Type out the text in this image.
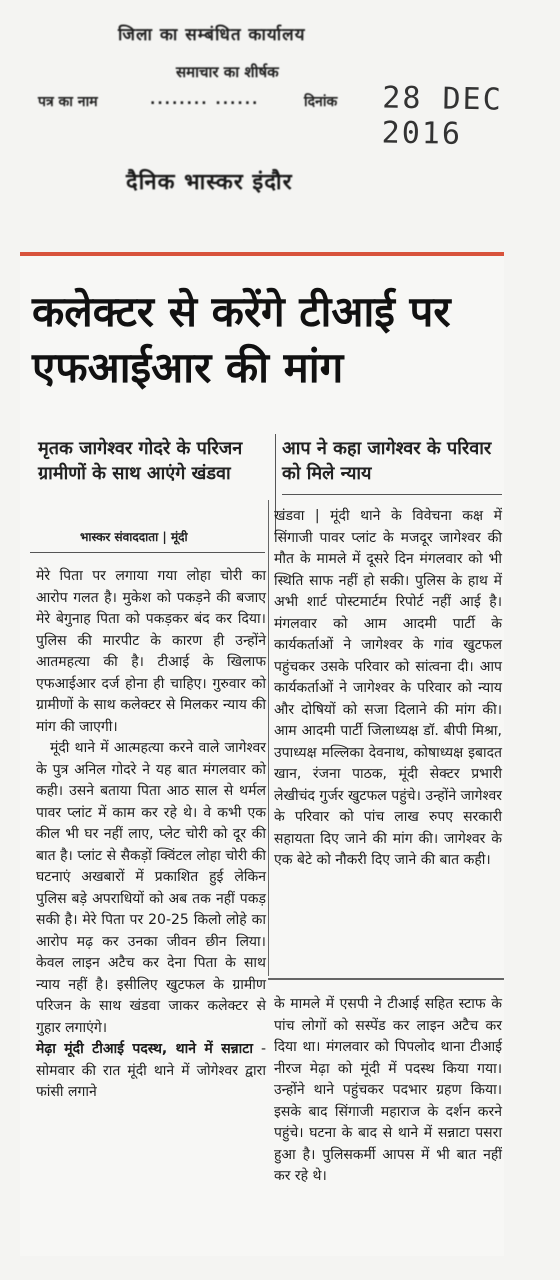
जिला का सम्बंधित कार्यालय
समाचार का शीर्षक
पत्र का नाम	........ ......	दिनांक 28 DEC 2016
दैनिक भास्कर इंदौर
कलेक्टर से करेंगे टीआई पर एफआईआर की मांग
मृतक जागेश्वर गोदरे के परिजन ग्रामीणों के साथ आएंगे खंडवा
आप ने कहा जागेश्वर के परिवार को मिले न्याय
भास्कर संवाददाता | मूंदी

मेरे पिता पर लगाया गया लोहा चोरी का आरोप गलत है। मुकेश को पकड़ने की बजाए मेरे बेगुनाह पिता को पकड़कर बंद कर दिया। पुलिस की मारपीट के कारण ही उन्होंने आतमहत्या की है। टीआई के खिलाफ एफआईआर दर्ज होना ही चाहिए। गुरुवार को ग्रामीणों के साथ कलेक्टर से मिलकर न्याय की मांग की जाएगी।

मूंदी थाने में आत्महत्या करने वाले जागेश्वर के पुत्र अनिल गोदरे ने यह बात मंगलवार को कही। उसने बताया पिता आठ साल से थर्मल पावर प्लांट में काम कर रहे थे। वे कभी एक कील भी घर नहीं लाए, प्लेट चोरी को दूर की बात है। प्लांट से सैकड़ों क्विंटल लोहा चोरी की घटनाएं अखबारों में प्रकाशित हुई लेकिन पुलिस बड़े अपराधियों को अब तक नहीं पकड़ सकी है। मेरे पिता पर 20-25 किलो लोहे का आरोप मढ़ कर उनका जीवन छीन लिया। केवल लाइन अटैच कर देना पिता के साथ न्याय नहीं है। इसीलिए खुटफल के ग्रामीण परिजन के साथ खंडवा जाकर कलेक्टर से गुहार लगाएंगे।

मेढ़ा मूंदी टीआई पदस्थ, थाने में सन्नाटा - सोमवार की रात मूंदी थाने में जोगेश्वर द्वारा फांसी लगाने

खंडवा | मूंदी थाने के विवेचना कक्ष में सिंगाजी पावर प्लांट के मजदूर जागेश्वर की मौत के मामले में दूसरे दिन मंगलवार को भी स्थिति साफ नहीं हो सकी। पुलिस के हाथ में अभी शार्ट पोस्टमार्टम रिपोर्ट नहीं आई है। मंगलवार को आम आदमी पार्टी के कार्यकर्ताओं ने जागेश्वर के गांव खुटफल पहुंचकर उसके परिवार को सांत्वना दी। आप कार्यकर्ताओं ने जागेश्वर के परिवार को न्याय और दोषियों को सजा दिलाने की मांग की। आम आदमी पार्टी जिलाध्यक्ष डॉ. बीपी मिश्रा, उपाध्यक्ष मल्लिका देवनाथ, कोषाध्यक्ष इबादत खान, रंजना पाठक, मूंदी सेक्टर प्रभारी लेखीचंद गुर्जर खुटफल पहुंचे। उन्होंने जागेश्वर के परिवार को पांच लाख रुपए सरकारी सहायता दिए जाने की मांग की। जागेश्वर के एक बेटे को नौकरी दिए जाने की बात कही।

के मामले में एसपी ने टीआई सहित स्टाफ के पांच लोगों को सस्पेंड कर लाइन अटैच कर दिया था। मंगलवार को पिपलोद थाना टीआई नीरज मेढ़ा को मूंदी में पदस्थ किया गया। उन्होंने थाने पहुंचकर पदभार ग्रहण किया। इसके बाद सिंगाजी महाराज के दर्शन करने पहुंचे। घटना के बाद से थाने में सन्नाटा पसरा हुआ है। पुलिसकर्मी आपस में भी बात नहीं कर रहे थे।
